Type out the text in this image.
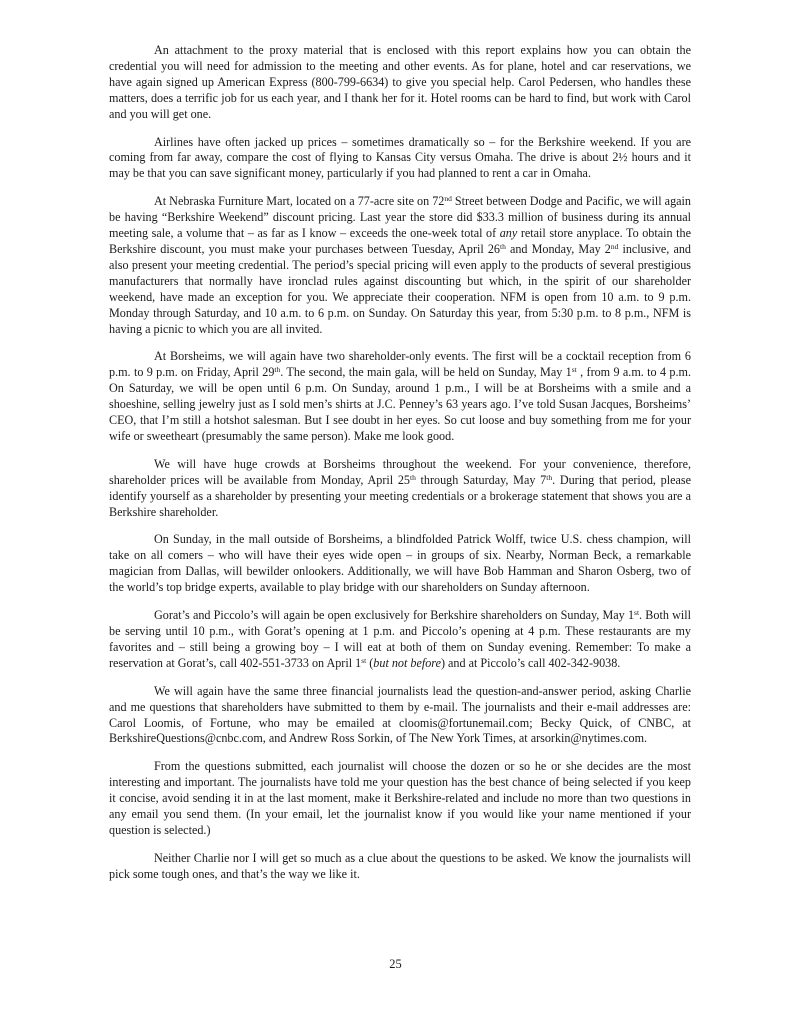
An attachment to the proxy material that is enclosed with this report explains how you can obtain the credential you will need for admission to the meeting and other events. As for plane, hotel and car reservations, we have again signed up American Express (800-799-6634) to give you special help. Carol Pedersen, who handles these matters, does a terrific job for us each year, and I thank her for it. Hotel rooms can be hard to find, but work with Carol and you will get one.

Airlines have often jacked up prices – sometimes dramatically so – for the Berkshire weekend. If you are coming from far away, compare the cost of flying to Kansas City versus Omaha. The drive is about 2½ hours and it may be that you can save significant money, particularly if you had planned to rent a car in Omaha.

At Nebraska Furniture Mart, located on a 77-acre site on 72nd Street between Dodge and Pacific, we will again be having “Berkshire Weekend” discount pricing. Last year the store did $33.3 million of business during its annual meeting sale, a volume that – as far as I know – exceeds the one-week total of any retail store anyplace. To obtain the Berkshire discount, you must make your purchases between Tuesday, April 26th and Monday, May 2nd inclusive, and also present your meeting credential. The period’s special pricing will even apply to the products of several prestigious manufacturers that normally have ironclad rules against discounting but which, in the spirit of our shareholder weekend, have made an exception for you. We appreciate their cooperation. NFM is open from 10 a.m. to 9 p.m. Monday through Saturday, and 10 a.m. to 6 p.m. on Sunday. On Saturday this year, from 5:30 p.m. to 8 p.m., NFM is having a picnic to which you are all invited.

At Borsheims, we will again have two shareholder-only events. The first will be a cocktail reception from 6 p.m. to 9 p.m. on Friday, April 29th. The second, the main gala, will be held on Sunday, May 1st , from 9 a.m. to 4 p.m. On Saturday, we will be open until 6 p.m. On Sunday, around 1 p.m., I will be at Borsheims with a smile and a shoeshine, selling jewelry just as I sold men’s shirts at J.C. Penney’s 63 years ago. I’ve told Susan Jacques, Borsheims’ CEO, that I’m still a hotshot salesman. But I see doubt in her eyes. So cut loose and buy something from me for your wife or sweetheart (presumably the same person). Make me look good.

We will have huge crowds at Borsheims throughout the weekend. For your convenience, therefore, shareholder prices will be available from Monday, April 25th through Saturday, May 7th. During that period, please identify yourself as a shareholder by presenting your meeting credentials or a brokerage statement that shows you are a Berkshire shareholder.

On Sunday, in the mall outside of Borsheims, a blindfolded Patrick Wolff, twice U.S. chess champion, will take on all comers – who will have their eyes wide open – in groups of six. Nearby, Norman Beck, a remarkable magician from Dallas, will bewilder onlookers. Additionally, we will have Bob Hamman and Sharon Osberg, two of the world’s top bridge experts, available to play bridge with our shareholders on Sunday afternoon.

Gorat’s and Piccolo’s will again be open exclusively for Berkshire shareholders on Sunday, May 1st. Both will be serving until 10 p.m., with Gorat’s opening at 1 p.m. and Piccolo’s opening at 4 p.m. These restaurants are my favorites and – still being a growing boy – I will eat at both of them on Sunday evening. Remember: To make a reservation at Gorat’s, call 402-551-3733 on April 1st (but not before) and at Piccolo’s call 402-342-9038.

We will again have the same three financial journalists lead the question-and-answer period, asking Charlie and me questions that shareholders have submitted to them by e-mail. The journalists and their e-mail addresses are: Carol Loomis, of Fortune, who may be emailed at cloomis@fortunemail.com; Becky Quick, of CNBC, at BerkshireQuestions@cnbc.com, and Andrew Ross Sorkin, of The New York Times, at arsorkin@nytimes.com.

From the questions submitted, each journalist will choose the dozen or so he or she decides are the most interesting and important. The journalists have told me your question has the best chance of being selected if you keep it concise, avoid sending it in at the last moment, make it Berkshire-related and include no more than two questions in any email you send them. (In your email, let the journalist know if you would like your name mentioned if your question is selected.)

Neither Charlie nor I will get so much as a clue about the questions to be asked. We know the journalists will pick some tough ones, and that’s the way we like it.

25
